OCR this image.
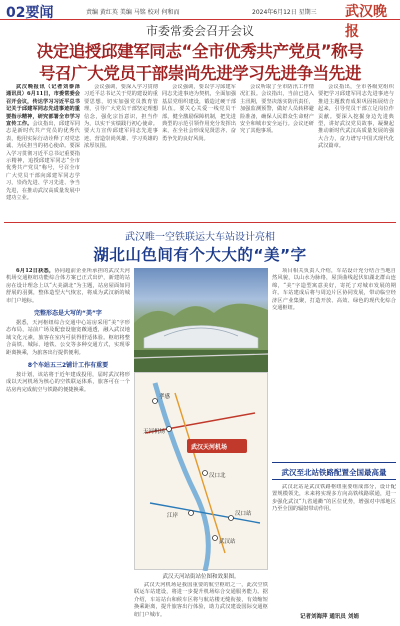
02要闻	责编 黄红英 美编 马铭 校对 何和而	2024年6月12日 星期三 武汉晚报
市委常委会召开会议
决定追授邱建军同志“全市优秀共产党员”称号
号召广大党员干部崇尚先进学习先进争当先进

武汉晚报讯（记者刘泰泽 通讯员）6月11日，市委常委会召开会议，传达学习习近平总书记关于邱建军同志先进事迹的重要指示精神，研究部署全市学习宣传工作。会议指出，邱建军同志是新时代共产党员的优秀代表，他用实际行动诠释了对党忠诚、为民担当的初心使命。要深入学习贯彻习近平总书记重要指示精神，追授邱建军同志“全市优秀共产党员”称号，号召全市广大党员干部向邱建军同志学习，崇尚先进、学习先进、争当先进，在推动武汉高质量发展中建功立业。

会议强调，要深入学习贯彻习近平总书记关于党的建设的重要思想，切实加强党员教育管理，引导广大党员干部坚定理想信念，强化宗旨意识，担当作为，以实干实绩践行初心使命。要大力宣传邱建军同志先进事迹，营造崇尚英雄、学习英雄的浓厚氛围。

会议强调，要以学习邱建军同志先进事迹为契机，全面加强基层党组织建设，锻造过硬干部队伍。要关心关爱一线党员干部，健全激励保障机制，把先进典型的示范引领作用充分发挥出来，在全社会形成见贤思齐、奋勇争先的良好风尚。

会议听取了全市防汛工作情况汇报。会议指出，当前已进入主汛期，要坚决落实防汛责任，加强监测预警，做好人员转移避险准备，确保人民群众生命财产安全和城市安全运行。会议还研究了其他事项。

会议指出，全市各级党组织要把学习邱建军同志先进事迹与推进主题教育成果巩固拓展结合起来，引导党员干部立足岗位作贡献。要深入挖掘身边先进典型，讲好武汉党员故事，凝聚起推动新时代武汉高质量发展的强大合力，奋力谱写中国式现代化武汉篇章。

武汉唯一空铁联运大车站设计亮相
湖北山色间有个大大的“美”字

6月12日获悉，协同超前企业所承担的武汉天河机场交通枢纽功能综合体方案已正式出炉，新建的站房在设计理念上以“大美湖北”为主题，站房屋面如同舒展的羽翼，整体造型大气恢宏，将成为武汉新的城市门户地标。

完整形态是大写的“美”字

据悉，天河枢纽综合交通中心站房采用“美”字形态布局，站前广场及配套设施宽敞通透，融入武汉地域文化元素，旅客在室内可获得舒适体验。枢纽将整合高铁、城际、地铁、公交等多种交通方式，实现零距离换乘，为旅客出行提供便利。

8个车站五三2铺计工作有重要

按计划，该站将于近年建成投用，届时武汉将形成以天河机场为核心的空铁联运体系，旅客可在一个站房内完成航空与铁路的便捷换乘。

武汉天河机场
天河机场
汉口北
江岸	汉口站
武汉站
孝感
武汉天河站街站位图和效果图。

武汉天河机场是我国重要的航空枢纽之一，此次空铁联运车站建设，将进一步提升机场综合交通服务能力。据介绍，车站站台和候车区将与航站楼无缝衔接，有效缩短换乘距离，提升旅客出行体验，助力武汉建设国际交通枢纽门户城市。

项目相关负责人介绍，车站设计充分结合当地自然风貌，以山水为脉络，屋顶曲线起伏如湖北群山连绵，“美”字造型寓意美好，寄托了对城市发展的期许。车站建成后将与周边片区协同发展，带动临空经济区产业集聚，打造开放、高效、绿色的现代化综合交通枢纽。

武汉至北站铁路配置全国最高量

武汉北站是武汉铁路枢纽重要组成部分，设计配置规模领先，未来将实现多方向高铁线路联通，进一步强化武汉“九省通衢”的区位优势，增强对中部地区乃至全国的辐射带动作用。

记者刘海萍 通讯员 刘娟
